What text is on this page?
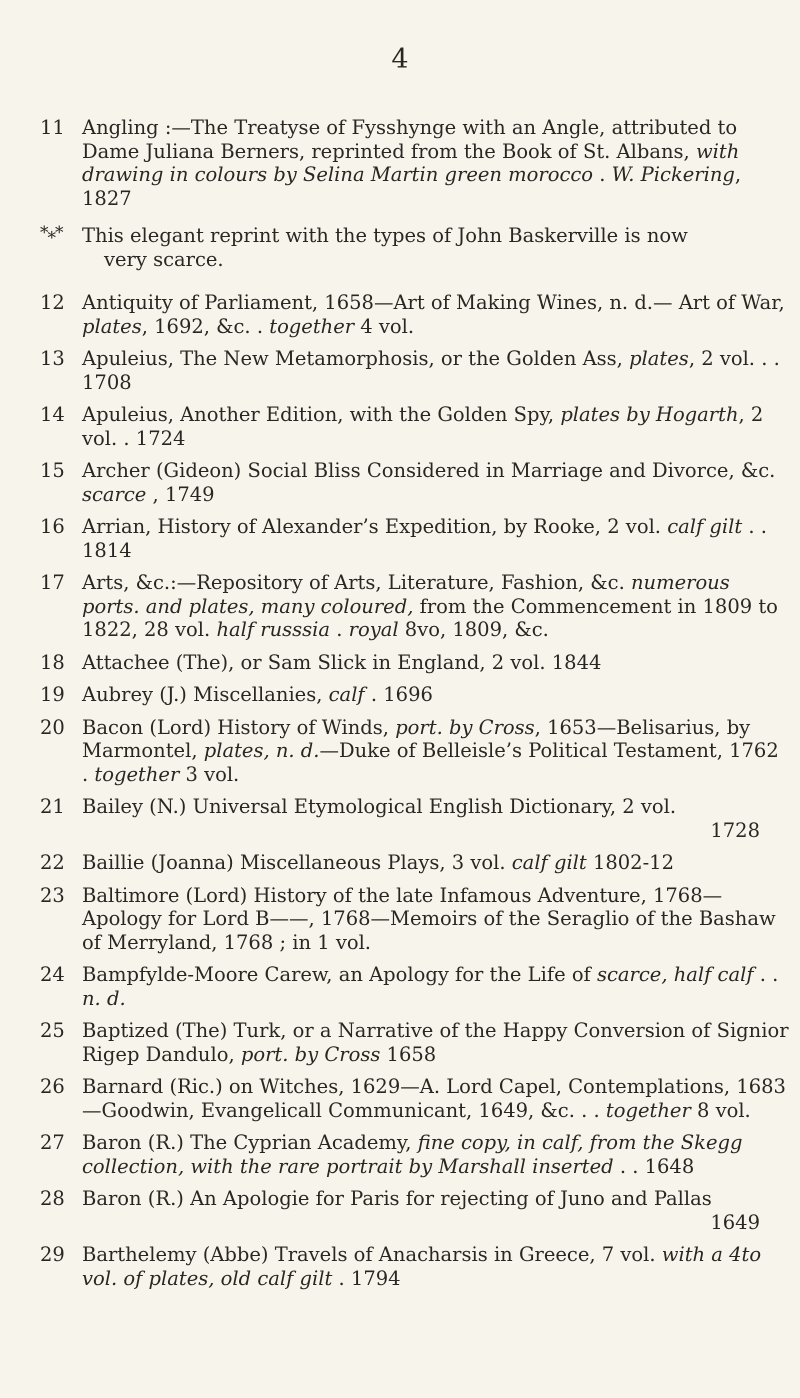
4
11 Angling :—The Treatyse of Fysshynge with an Angle, attributed to Dame Juliana Berners, reprinted from the Book of St. Albans, with drawing in colours by Selina Martin green morocco . W. Pickering, 1827
*⁎* This elegant reprint with the types of John Baskerville is now
very scarce.
12 Antiquity of Parliament, 1658—Art of Making Wines, n. d.— Art of War, plates, 1692, &c. . together 4 vol.
13 Apuleius, The New Metamorphosis, or the Golden Ass, plates, 2 vol. . . 1708
14 Apuleius, Another Edition, with the Golden Spy, plates by Hogarth, 2 vol. . 1724
15 Archer (Gideon) Social Bliss Considered in Marriage and Divorce, &c. scarce , 1749
16 Arrian, History of Alexander’s Expedition, by Rooke, 2 vol. calf gilt . . 1814
17 Arts, &c.:—Repository of Arts, Literature, Fashion, &c. numerous ports. and plates, many coloured, from the Commencement in 1809 to 1822, 28 vol. half russsia . royal 8vo, 1809, &c.
18 Attachee (The), or Sam Slick in England, 2 vol. 1844
19 Aubrey (J.) Miscellanies, calf . 1696
20 Bacon (Lord) History of Winds, port. by Cross, 1653—Belisarius, by Marmontel, plates, n. d.—Duke of Belleisle’s Political Testament, 1762 . together 3 vol.
21 Bailey (N.) Universal Etymological English Dictionary, 2 vol.
1728
22 Baillie (Joanna) Miscellaneous Plays, 3 vol. calf gilt 1802-12
23 Baltimore (Lord) History of the late Infamous Adventure, 1768— Apology for Lord B——, 1768—Memoirs of the Seraglio of the Bashaw of Merryland, 1768 ; in 1 vol.
24 Bampfylde-Moore Carew, an Apology for the Life of scarce, half calf . . n. d.
25 Baptized (The) Turk, or a Narrative of the Happy Conversion of Signior Rigep Dandulo, port. by Cross 1658
26 Barnard (Ric.) on Witches, 1629—A. Lord Capel, Contemplations, 1683—Goodwin, Evangelicall Communicant, 1649, &c. . . together 8 vol.
27 Baron (R.) The Cyprian Academy, fine copy, in calf, from the Skegg collection, with the rare portrait by Marshall inserted . . 1648
28 Baron (R.) An Apologie for Paris for rejecting of Juno and Pallas
1649
29 Barthelemy (Abbe) Travels of Anacharsis in Greece, 7 vol. with a 4to vol. of plates, old calf gilt . 1794
